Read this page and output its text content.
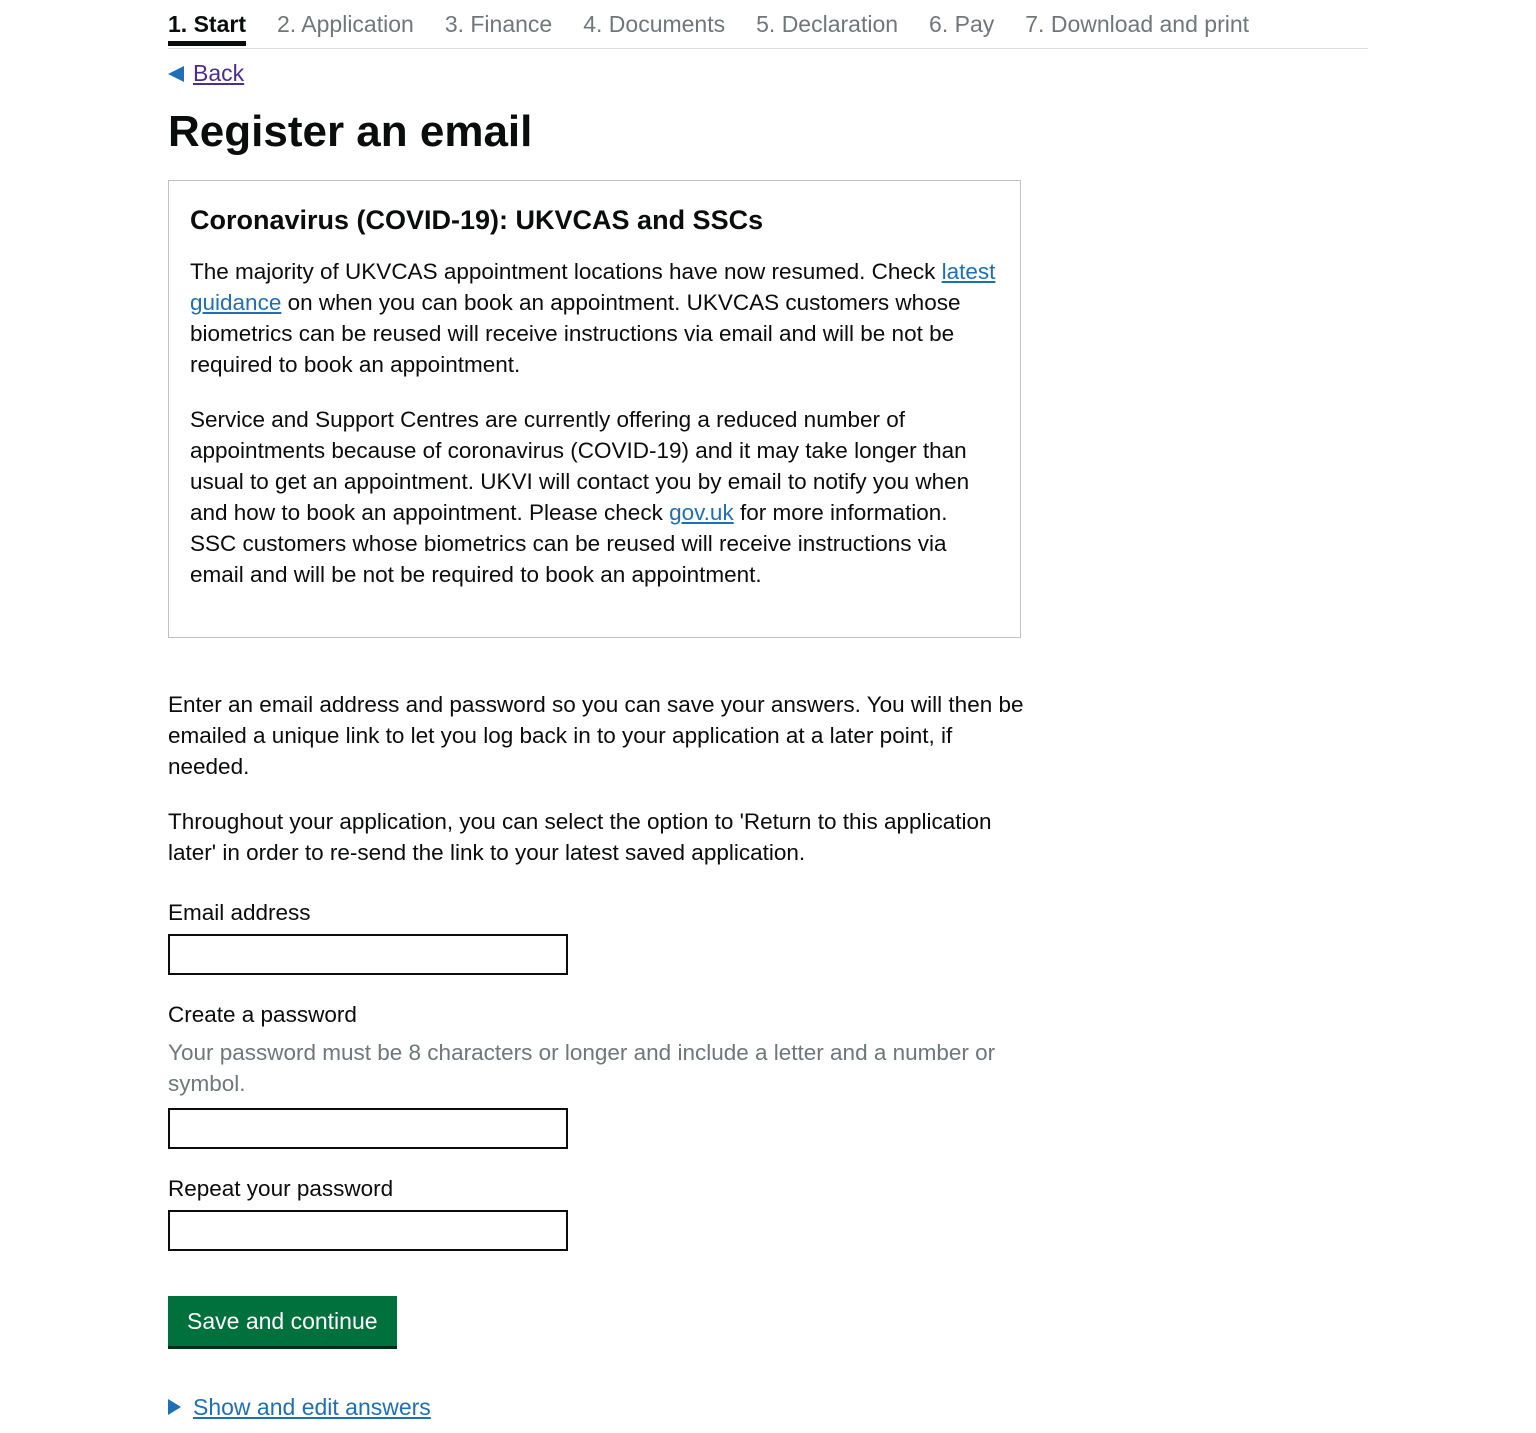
1. Start 2. Application 3. Finance 4. Documents 5. Declaration 6. Pay 7. Download and print
Back
Register an email
Coronavirus (COVID-19): UKVCAS and SSCs

The majority of UKVCAS appointment locations have now resumed. Check latest guidance on when you can book an appointment. UKVCAS customers whose biometrics can be reused will receive instructions via email and will be not be required to book an appointment.

Service and Support Centres are currently offering a reduced number of appointments because of coronavirus (COVID-19) and it may take longer than usual to get an appointment. UKVI will contact you by email to notify you when and how to book an appointment. Please check gov.uk for more information. SSC customers whose biometrics can be reused will receive instructions via email and will be not be required to book an appointment.

Enter an email address and password so you can save your answers. You will then be emailed a unique link to let you log back in to your application at a later point, if needed.

Throughout your application, you can select the option to 'Return to this application later' in order to re-send the link to your latest saved application.

Email address
Create a password
Your password must be 8 characters or longer and include a letter and a number or symbol.
Repeat your password
Save and continue
Show and edit answers
